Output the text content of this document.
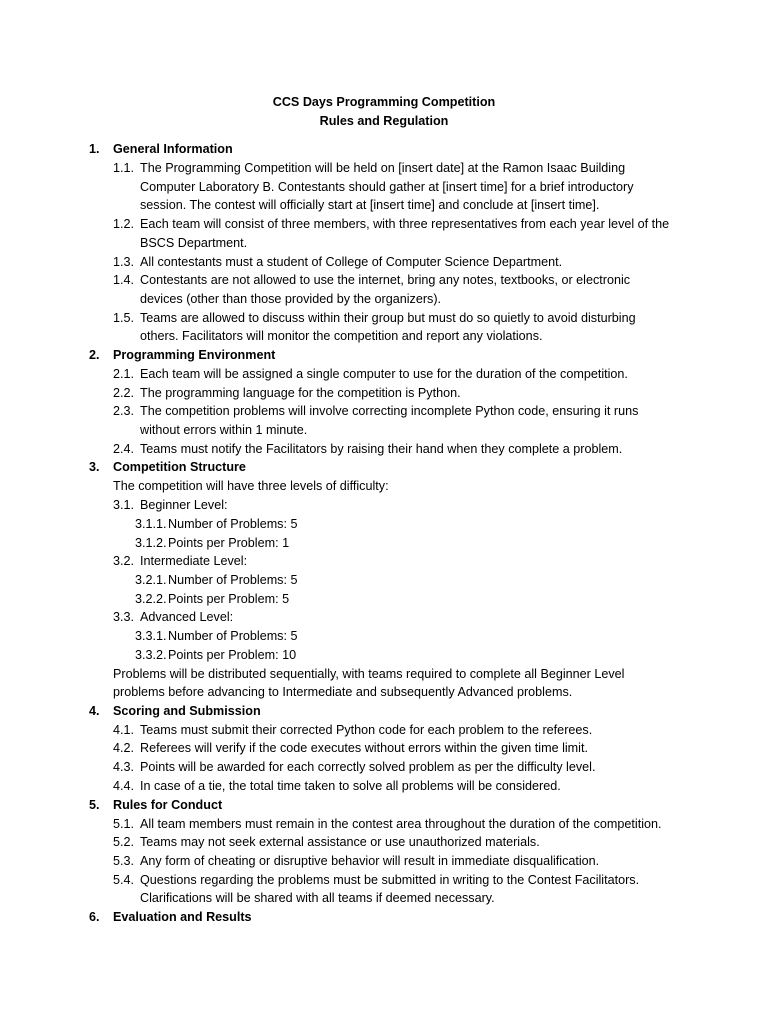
CCS Days Programming Competition
Rules and Regulation
1. General Information
1.1. The Programming Competition will be held on [insert date] at the Ramon Isaac Building
Computer Laboratory B. Contestants should gather at [insert time] for a brief introductory
session. The contest will officially start at [insert time] and conclude at [insert time].
1.2. Each team will consist of three members, with three representatives from each year level of the
BSCS Department.
1.3. All contestants must a student of College of Computer Science Department.
1.4. Contestants are not allowed to use the internet, bring any notes, textbooks, or electronic
devices (other than those provided by the organizers).
1.5. Teams are allowed to discuss within their group but must do so quietly to avoid disturbing
others. Facilitators will monitor the competition and report any violations.
2. Programming Environment
2.1. Each team will be assigned a single computer to use for the duration of the competition.
2.2. The programming language for the competition is Python.
2.3. The competition problems will involve correcting incomplete Python code, ensuring it runs
without errors within 1 minute.
2.4. Teams must notify the Facilitators by raising their hand when they complete a problem.
3. Competition Structure
The competition will have three levels of difficulty:
3.1. Beginner Level:
3.1.1. Number of Problems: 5
3.1.2. Points per Problem: 1
3.2. Intermediate Level:
3.2.1. Number of Problems: 5
3.2.2. Points per Problem: 5
3.3. Advanced Level:
3.3.1. Number of Problems: 5
3.3.2. Points per Problem: 10
Problems will be distributed sequentially, with teams required to complete all Beginner Level
problems before advancing to Intermediate and subsequently Advanced problems.
4. Scoring and Submission
4.1. Teams must submit their corrected Python code for each problem to the referees.
4.2. Referees will verify if the code executes without errors within the given time limit.
4.3. Points will be awarded for each correctly solved problem as per the difficulty level.
4.4. In case of a tie, the total time taken to solve all problems will be considered.
5. Rules for Conduct
5.1. All team members must remain in the contest area throughout the duration of the competition.
5.2. Teams may not seek external assistance or use unauthorized materials.
5.3. Any form of cheating or disruptive behavior will result in immediate disqualification.
5.4. Questions regarding the problems must be submitted in writing to the Contest Facilitators.
Clarifications will be shared with all teams if deemed necessary.
6. Evaluation and Results
